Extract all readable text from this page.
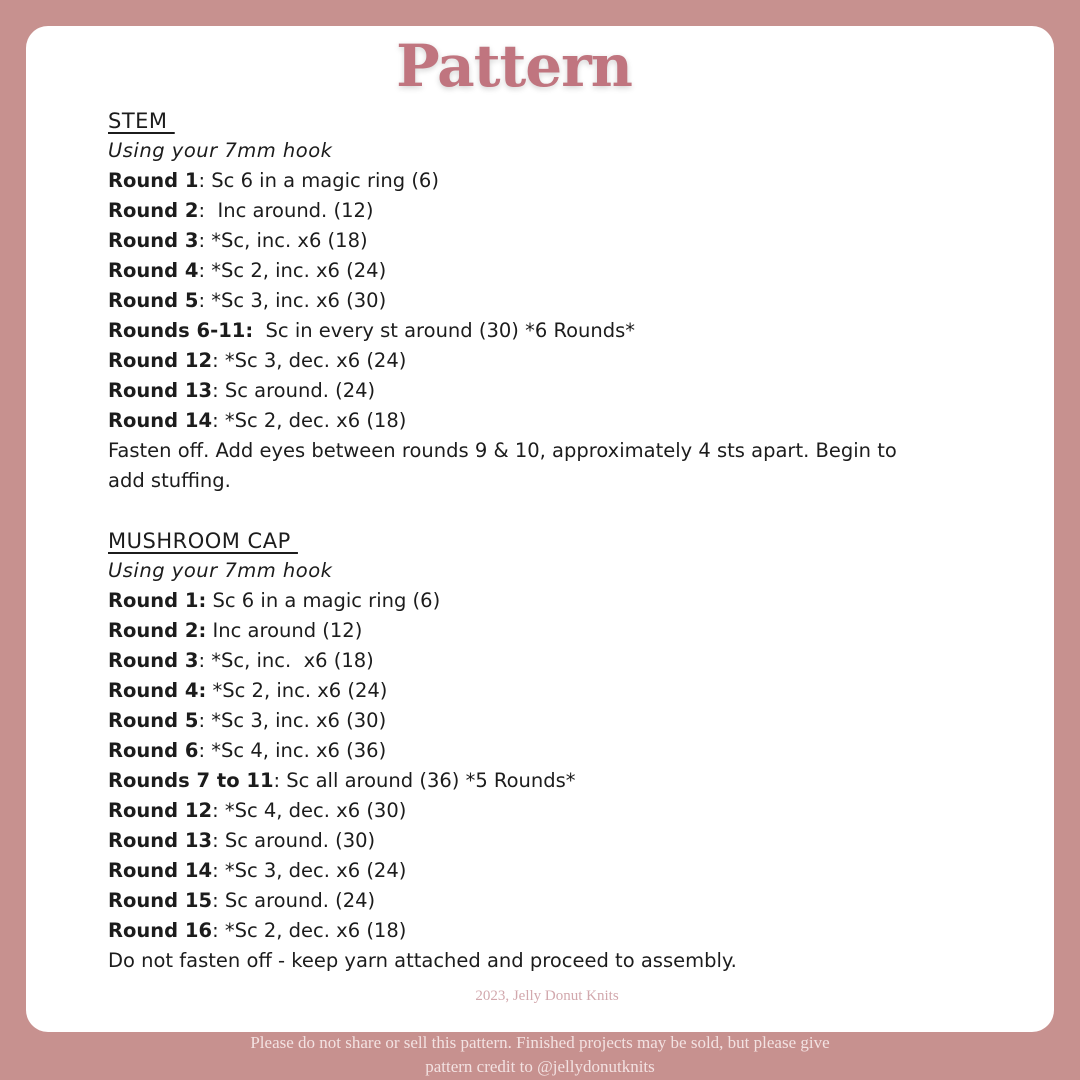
Pattern
STEM
Using your 7mm hook
Round 1: Sc 6 in a magic ring (6)
Round 2:  Inc around. (12)
Round 3: *Sc, inc. x6 (18)
Round 4: *Sc 2, inc. x6 (24)
Round 5: *Sc 3, inc. x6 (30)
Rounds 6-11:  Sc in every st around (30) *6 Rounds*
Round 12: *Sc 3, dec. x6 (24)
Round 13: Sc around. (24)
Round 14: *Sc 2, dec. x6 (18)
Fasten off. Add eyes between rounds 9 & 10, approximately 4 sts apart. Begin to
add stuffing.
MUSHROOM CAP
Using your 7mm hook
Round 1: Sc 6 in a magic ring (6)
Round 2: Inc around (12)
Round 3: *Sc, inc.  x6 (18)
Round 4: *Sc 2, inc. x6 (24)
Round 5: *Sc 3, inc. x6 (30)
Round 6: *Sc 4, inc. x6 (36)
Rounds 7 to 11: Sc all around (36) *5 Rounds*
Round 12: *Sc 4, dec. x6 (30)
Round 13: Sc around. (30)
Round 14: *Sc 3, dec. x6 (24)
Round 15: Sc around. (24)
Round 16: *Sc 2, dec. x6 (18)
Do not fasten off - keep yarn attached and proceed to assembly.
2023, Jelly Donut Knits
Please do not share or sell this pattern. Finished projects may be sold, but please give
pattern credit to @jellydonutknits
